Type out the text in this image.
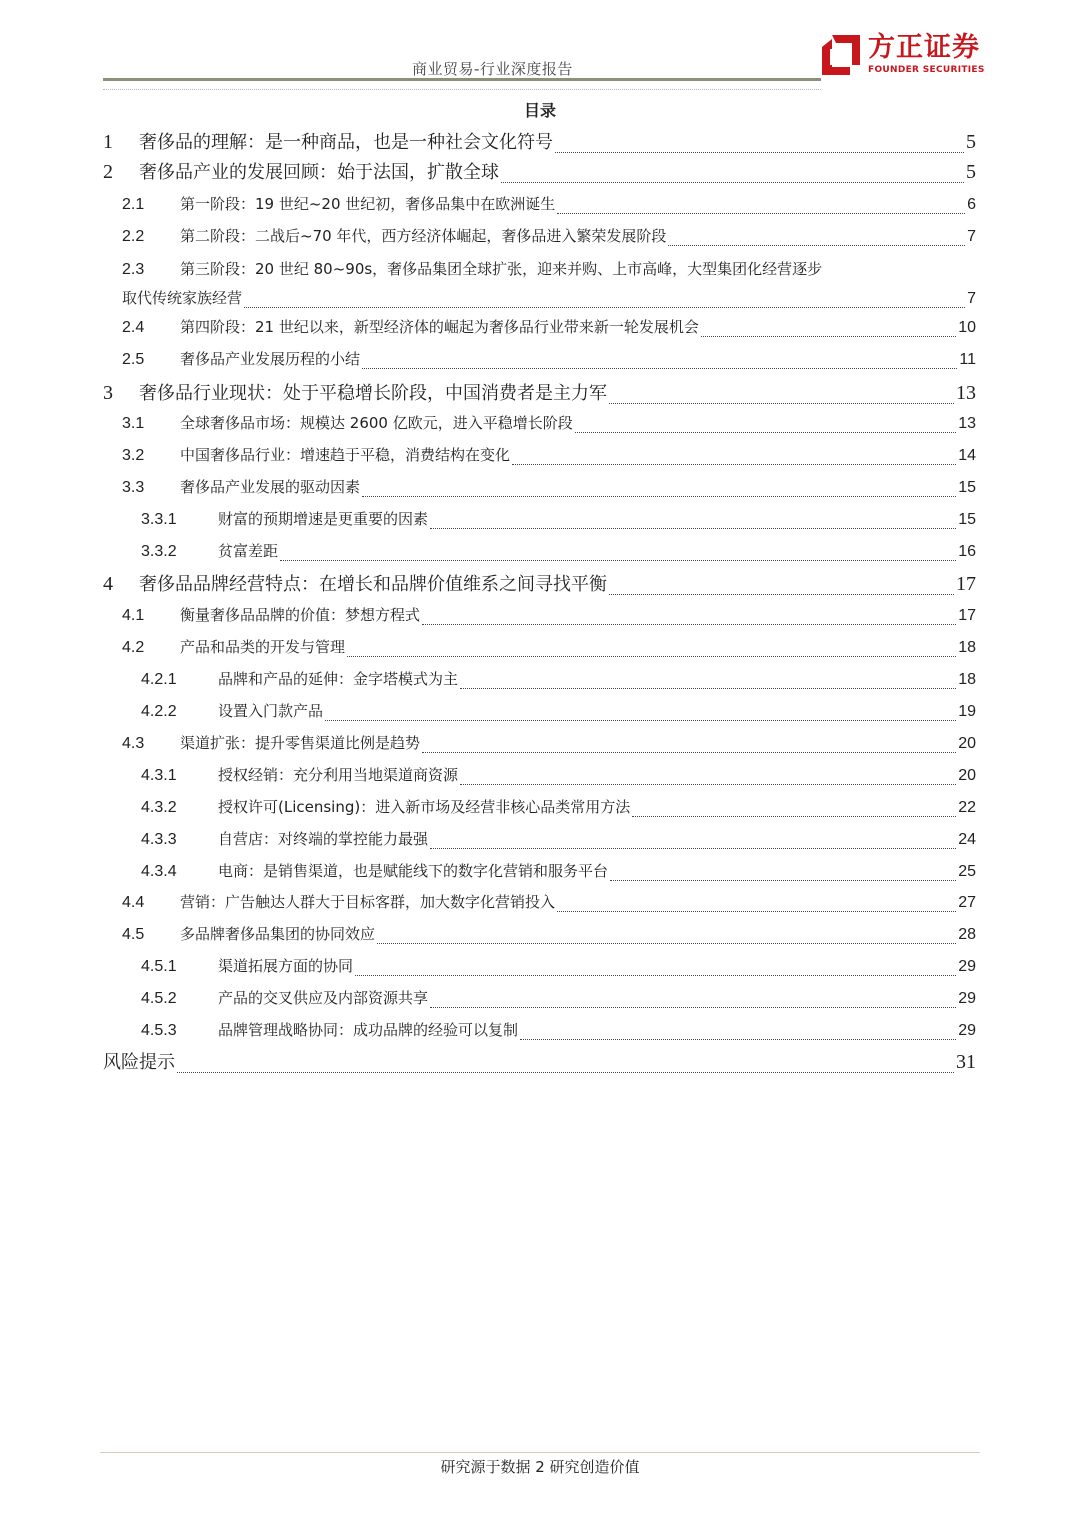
商业贸易-行业深度报告
方正证券
FOUNDER SECURITIES
目录
1	奢侈品的理解：是一种商品，也是一种社会文化符号	5
2	奢侈品产业的发展回顾：始于法国，扩散全球	5
2.1	第一阶段：19 世纪~20 世纪初，奢侈品集中在欧洲诞生	6
2.2	第二阶段：二战后~70 年代，西方经济体崛起，奢侈品进入繁荣发展阶段	7
2.3 第三阶段：20 世纪 80~90s，奢侈品集团全球扩张，迎来并购、上市高峰，大型集团化经营逐步
取代传统家族经营	7
2.4	第四阶段：21 世纪以来，新型经济体的崛起为奢侈品行业带来新一轮发展机会	10
2.5	奢侈品产业发展历程的小结	11
3	奢侈品行业现状：处于平稳增长阶段，中国消费者是主力军	13
3.1	全球奢侈品市场：规模达 2600 亿欧元，进入平稳增长阶段	13
3.2	中国奢侈品行业：增速趋于平稳，消费结构在变化	14
3.3	奢侈品产业发展的驱动因素	15
3.3.1	财富的预期增速是更重要的因素	15
3.3.2	贫富差距	16
4	奢侈品品牌经营特点：在增长和品牌价值维系之间寻找平衡	17
4.1	衡量奢侈品品牌的价值：梦想方程式	17
4.2	产品和品类的开发与管理	18
4.2.1	品牌和产品的延伸：金字塔模式为主	18
4.2.2	设置入门款产品	19
4.3	渠道扩张：提升零售渠道比例是趋势	20
4.3.1	授权经销：充分利用当地渠道商资源	20
4.3.2	授权许可(Licensing)：进入新市场及经营非核心品类常用方法	22
4.3.3	自营店：对终端的掌控能力最强	24
4.3.4	电商：是销售渠道，也是赋能线下的数字化营销和服务平台	25
4.4	营销：广告触达人群大于目标客群，加大数字化营销投入	27
4.5	多品牌奢侈品集团的协同效应	28
4.5.1	渠道拓展方面的协同	29
4.5.2	产品的交叉供应及内部资源共享	29
4.5.3	品牌管理战略协同：成功品牌的经验可以复制	29
风险提示	31
研究源于数据 2 研究创造价值
